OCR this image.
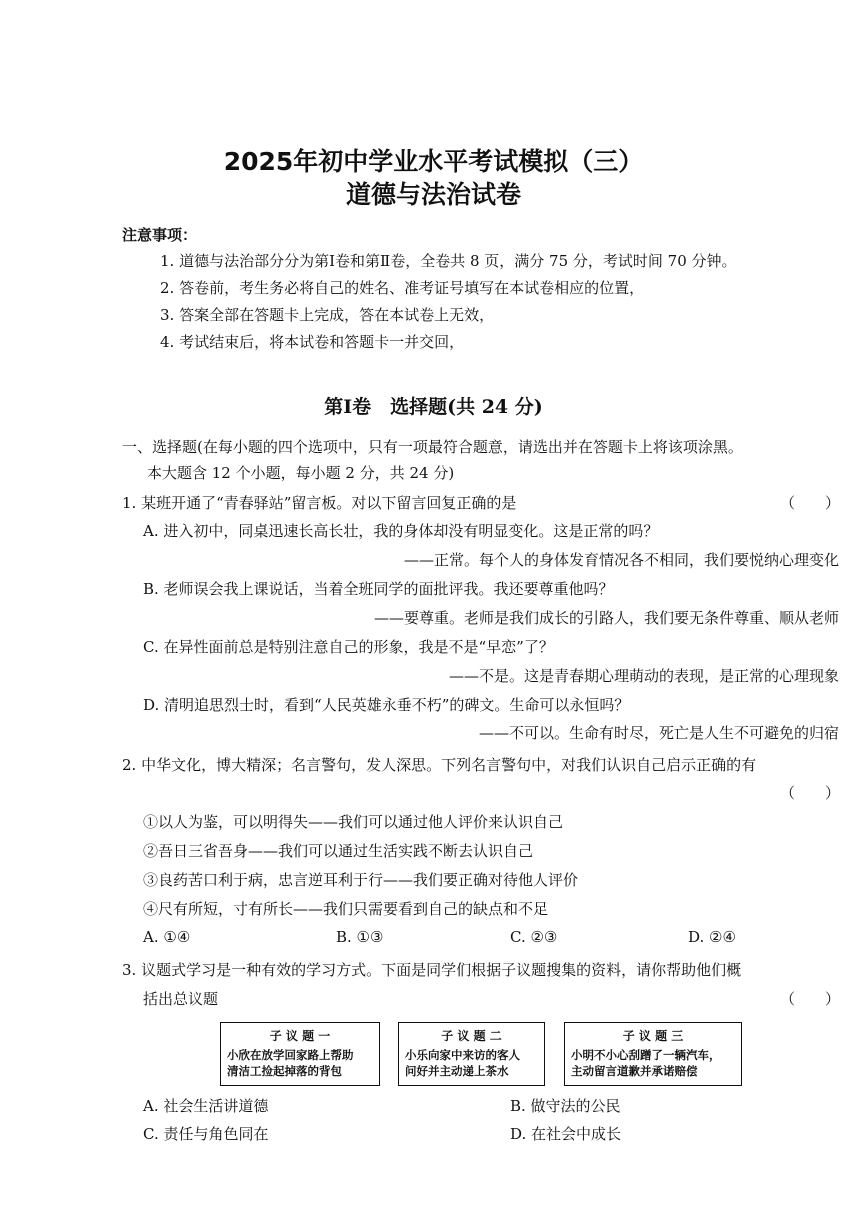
2025年初中学业水平考试模拟（三）
道德与法治试卷
注意事项：
1. 道德与法治部分分为第Ⅰ卷和第Ⅱ卷，全卷共 8 页，满分 75 分，考试时间 70 分钟。
2. 答卷前，考生务必将自己的姓名、准考证号填写在本试卷相应的位置，
3. 答案全部在答题卡上完成，答在本试卷上无效，
4. 考试结束后，将本试卷和答题卡一并交回，
第Ⅰ卷　选择题(共 24 分)
一、选择题(在每小题的四个选项中，只有一项最符合题意，请选出并在答题卡上将该项涂黑。
本大题含 12 个小题，每小题 2 分，共 24 分)
1. 某班开通了“青春驿站”留言板。对以下留言回复正确的是	（　　）
A. 进入初中，同桌迅速长高长壮，我的身体却没有明显变化。这是正常的吗？
——正常。每个人的身体发育情况各不相同，我们要悦纳心理变化
B. 老师误会我上课说话，当着全班同学的面批评我。我还要尊重他吗？
——要尊重。老师是我们成长的引路人，我们要无条件尊重、顺从老师
C. 在异性面前总是特别注意自己的形象，我是不是“早恋”了？
——不是。这是青春期心理萌动的表现，是正常的心理现象
D. 清明追思烈士时，看到“人民英雄永垂不朽”的碑文。生命可以永恒吗？
——不可以。生命有时尽，死亡是人生不可避免的归宿
2. 中华文化，博大精深；名言警句，发人深思。下列名言警句中，对我们认识自己启示正确的有
（　　）
①以人为鉴，可以明得失——我们可以通过他人评价来认识自己
②吾日三省吾身——我们可以通过生活实践不断去认识自己
③良药苦口利于病，忠言逆耳利于行——我们要正确对待他人评价
④尺有所短，寸有所长——我们只需要看到自己的缺点和不足
A. ①④	B. ①③	C. ②③	D. ②④
3. 议题式学习是一种有效的学习方式。下面是同学们根据子议题搜集的资料，请你帮助他们概
括出总议题	（　　）
子 议 题 一
小欣在放学回家路上帮助
清洁工捡起掉落的背包
子 议 题 二
小乐向家中来访的客人
问好并主动递上茶水
子 议 题 三
小明不小心刮蹭了一辆汽车，
主动留言道歉并承诺赔偿
A. 社会生活讲道德	B. 做守法的公民
C. 责任与角色同在	D. 在社会中成长
